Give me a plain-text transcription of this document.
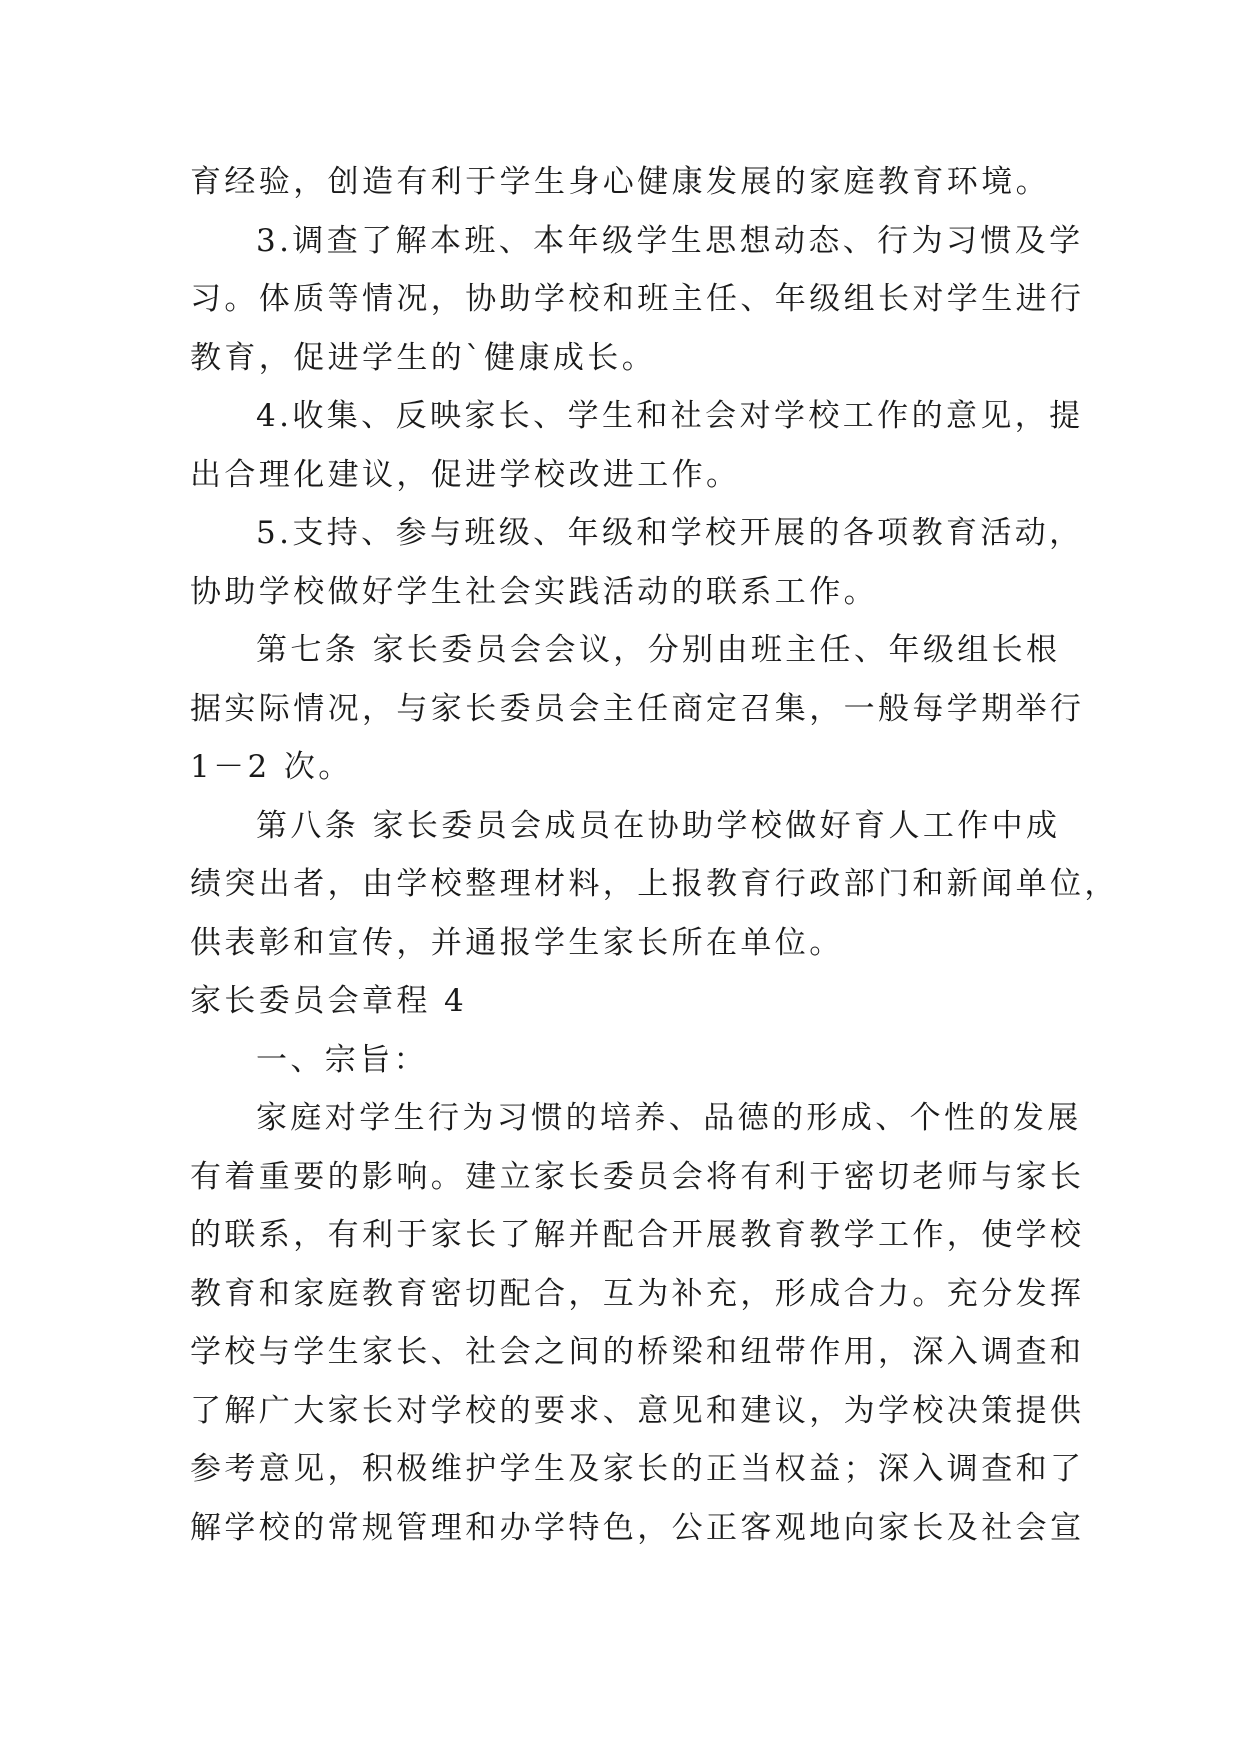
育经验，创造有利于学生身心健康发展的家庭教育环境。
3.调查了解本班、本年级学生思想动态、行为习惯及学
习。体质等情况，协助学校和班主任、年级组长对学生进行
教育，促进学生的`健康成长。
4.收集、反映家长、学生和社会对学校工作的意见，提
出合理化建议，促进学校改进工作。
5.支持、参与班级、年级和学校开展的各项教育活动，
协助学校做好学生社会实践活动的联系工作。
第七条 家长委员会会议，分别由班主任、年级组长根
据实际情况，与家长委员会主任商定召集，一般每学期举行
1－2 次。
第八条 家长委员会成员在协助学校做好育人工作中成
绩突出者，由学校整理材料，上报教育行政部门和新闻单位，
供表彰和宣传，并通报学生家长所在单位。
家长委员会章程 4
一、宗旨：
家庭对学生行为习惯的培养、品德的形成、个性的发展
有着重要的影响。建立家长委员会将有利于密切老师与家长
的联系，有利于家长了解并配合开展教育教学工作，使学校
教育和家庭教育密切配合，互为补充，形成合力。充分发挥
学校与学生家长、社会之间的桥梁和纽带作用，深入调查和
了解广大家长对学校的要求、意见和建议，为学校决策提供
参考意见，积极维护学生及家长的正当权益；深入调查和了
解学校的常规管理和办学特色，公正客观地向家长及社会宣
